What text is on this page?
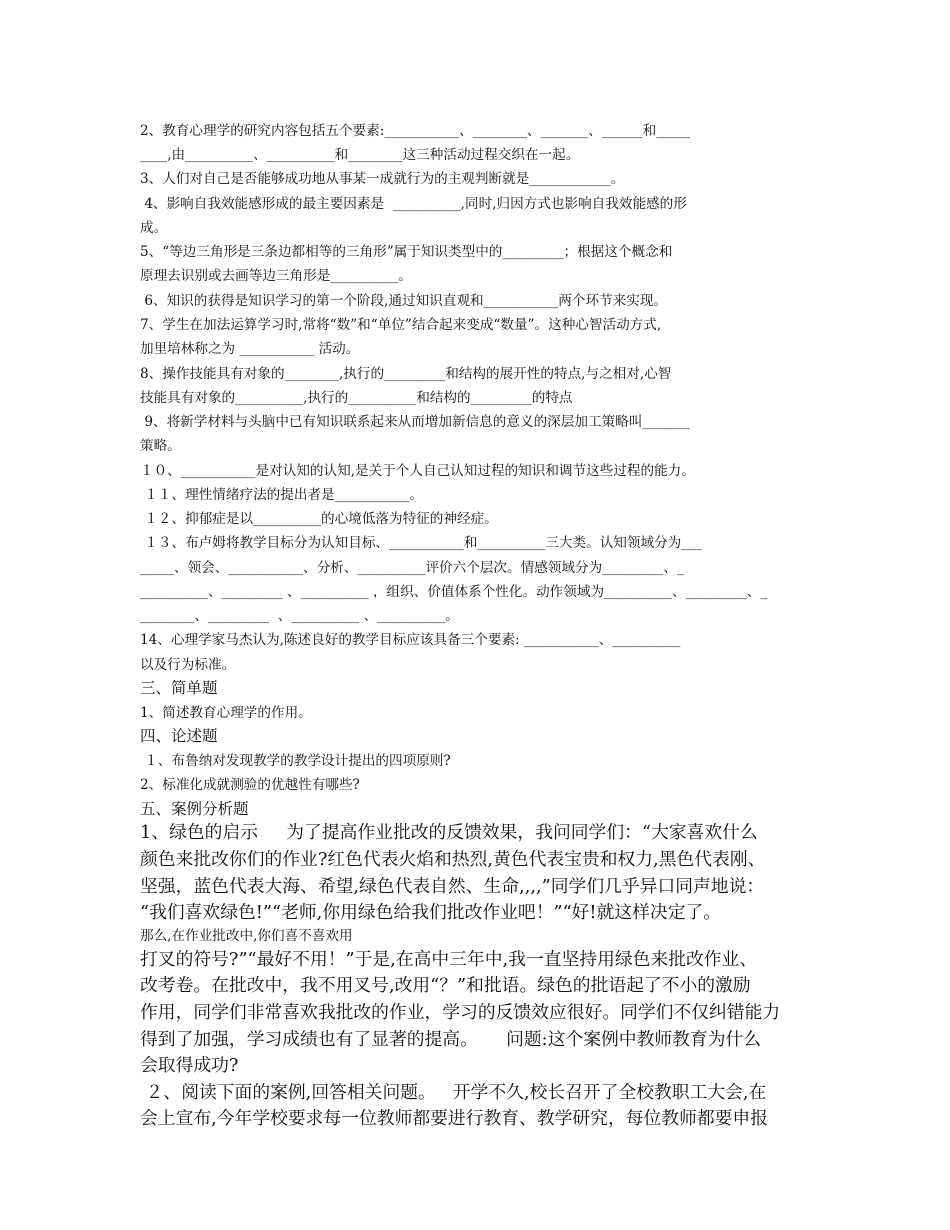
2、教育心理学的研究内容包括五个要素:___________、________、_______、______和_____
____,由__________、__________和________这三种活动过程交织在一起。
3、人们对自己是否能够成功地从事某一成就行为的主观判断就是____________。
4、影响自我效能感形成的最主要因素是  __________,同时,归因方式也影响自我效能感的形
成。
5、“等边三角形是三条边都相等的三角形”属于知识类型中的_________；根据这个概念和
原理去识别或去画等边三角形是__________。
6、知识的获得是知识学习的第一个阶段,通过知识直观和___________两个环节来实现。
7、学生在加法运算学习时,常将“数”和“单位”结合起来变成“数量”。这种心智活动方式,
加里培林称之为 ___________ 活动。
8、操作技能具有对象的________,执行的_________和结构的展开性的特点,与之相对,心智
技能具有对象的__________,执行的__________和结构的_________的特点
9、将新学材料与头脑中已有知识联系起来从而增加新信息的意义的深层加工策略叫_______
策略。
１０、___________是对认知的认知,是关于个人自己认知过程的知识和调节这些过程的能力。
１１、理性情绪疗法的提出者是___________。
１２、抑郁症是以__________的心境低落为特征的神经症。
１３、布卢姆将教学目标分为认知目标、___________和__________三大类。认知领域分为___
_____、领会、___________、分析、__________评价六个层次。情感领域分为_________、_
__________、_________ 、__________ ，组织、价值体系个性化。动作领域为__________、_________、_
________、_________  、__________ 、__________。
14、心理学家马杰认为,陈述良好的教学目标应该具备三个要素: ___________、__________
以及行为标准。
三、简单题
1、简述教育心理学的作用。
四、论述题
１、布鲁纳对发现教学的教学设计提出的四项原则?
2、标准化成就测验的优越性有哪些?
五、案例分析题
1、绿色的启示     为了提高作业批改的反馈效果，我问同学们：“大家喜欢什么
颜色来批改你们的作业?红色代表火焰和热烈,黄色代表宝贵和权力,黑色代表刚、
坚强，蓝色代表大海、希望,绿色代表自然、生命,,,,”同学们几乎异口同声地说：
“我们喜欢绿色!”“老师,你用绿色给我们批改作业吧！”“好!就这样决定了。
那么,在作业批改中,你们喜不喜欢用
打叉的符号?”“最好不用！”于是,在高中三年中,我一直坚持用绿色来批改作业、
改考卷。在批改中，我不用叉号,改用“？”和批语。绿色的批语起了不小的激励
作用，同学们非常喜欢我批改的作业，学习的反馈效应很好。同学们不仅纠错能力
得到了加强，学习成绩也有了显著的提高。     问题:这个案例中教师教育为什么
会取得成功?
２、阅读下面的案例,回答相关问题。   开学不久,校长召开了全校教职工大会,在
会上宣布,今年学校要求每一位教师都要进行教育、教学研究，每位教师都要申报
